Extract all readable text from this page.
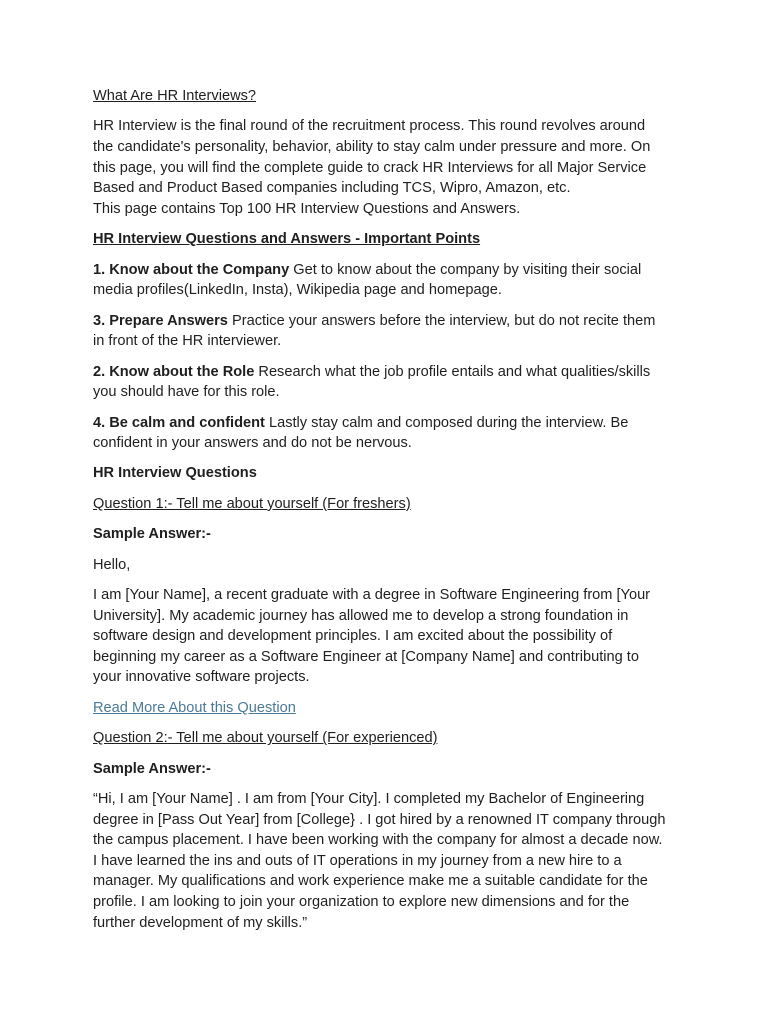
What Are HR Interviews?

HR Interview is the final round of the recruitment process. This round revolves around the candidate's personality, behavior, ability to stay calm under pressure and more. On this page, you will find the complete guide to crack HR Interviews for all Major Service Based and Product Based companies including TCS, Wipro, Amazon, etc.
This page contains Top 100 HR Interview Questions and Answers.

HR Interview Questions and Answers - Important Points

1. Know about the Company Get to know about the company by visiting their social media profiles(LinkedIn, Insta), Wikipedia page and homepage.

3. Prepare Answers Practice your answers before the interview, but do not recite them in front of the HR interviewer.

2. Know about the Role Research what the job profile entails and what qualities/skills you should have for this role.

4. Be calm and confident Lastly stay calm and composed during the interview. Be confident in your answers and do not be nervous.

HR Interview Questions

Question 1:- Tell me about yourself (For freshers)

Sample Answer:-

Hello,

I am [Your Name], a recent graduate with a degree in Software Engineering from [Your University]. My academic journey has allowed me to develop a strong foundation in software design and development principles. I am excited about the possibility of beginning my career as a Software Engineer at [Company Name] and contributing to your innovative software projects.

Read More About this Question

Question 2:- Tell me about yourself (For experienced)

Sample Answer:-

“Hi, I am [Your Name] . I am from [Your City]. I completed my Bachelor of Engineering degree in [Pass Out Year] from [College} . I got hired by a renowned IT company through the campus placement. I have been working with the company for almost a decade now. I have learned the ins and outs of IT operations in my journey from a new hire to a manager. My qualifications and work experience make me a suitable candidate for the profile. I am looking to join your organization to explore new dimensions and for the further development of my skills.”
